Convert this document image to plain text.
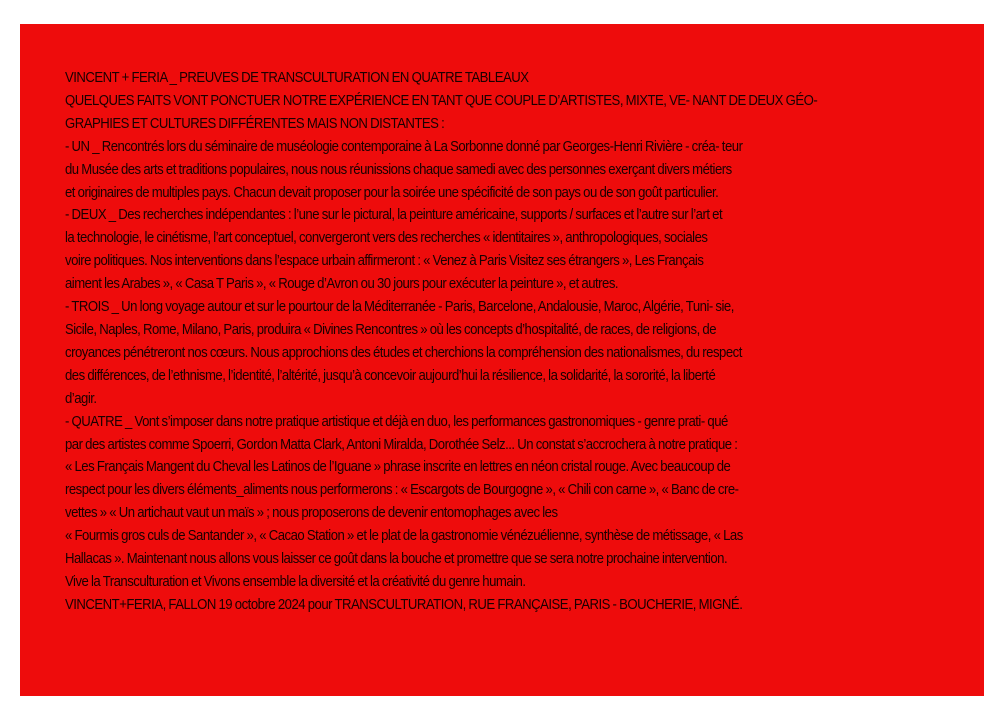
VINCENT + FERIA _ PREUVES DE TRANSCULTURATION EN QUATRE TABLEAUX
QUELQUES FAITS VONT PONCTUER NOTRE EXPÉRIENCE EN TANT QUE COUPLE D’ARTISTES, MIXTE, VE- NANT DE DEUX GÉO-
GRAPHIES ET CULTURES DIFFÉRENTES MAIS NON DISTANTES :
- UN _ Rencontrés lors du séminaire de muséologie contemporaine à La Sorbonne donné par Georges-Henri Rivière - créa- teur
du Musée des arts et traditions populaires, nous nous réunissions chaque samedi avec des personnes exerçant divers métiers
et originaires de multiples pays. Chacun devait proposer pour la soirée une spécificité de son pays ou de son goût particulier.
- DEUX _ Des recherches indépendantes : l’une sur le pictural, la peinture américaine, supports / surfaces et l’autre sur l’art et
la technologie, le cinétisme, l’art conceptuel, convergeront vers des recherches « identitaires », anthropologiques, sociales
voire politiques. Nos interventions dans l’espace urbain affirmeront : « Venez à Paris Visitez ses étrangers », Les Français
aiment les Arabes », « Casa T Paris », « Rouge d’Avron ou 30 jours pour exécuter la peinture », et autres.
- TROIS _ Un long voyage autour et sur le pourtour de la Méditerranée - Paris, Barcelone, Andalousie, Maroc, Algérie, Tuni- sie,
Sicile, Naples, Rome, Milano, Paris, produira « Divines Rencontres » où les concepts d’hospitalité, de races, de religions, de
croyances pénétreront nos cœurs. Nous approchions des études et cherchions la compréhension des nationalismes, du respect
des différences, de l’ethnisme, l’identité, l’altérité, jusqu’à concevoir aujourd’hui la résilience, la solidarité, la sororité, la liberté
d’agir.
- QUATRE _ Vont s’imposer dans notre pratique artistique et déjà en duo, les performances gastronomiques - genre prati- qué
par des artistes comme Spoerri, Gordon Matta Clark, Antoni Miralda, Dorothée Selz... Un constat s’accrochera à notre pratique :
« Les Français Mangent du Cheval les Latinos de l’Iguane » phrase inscrite en lettres en néon cristal rouge. Avec beaucoup de
respect pour les divers éléments_aliments nous performerons : « Escargots de Bourgogne », « Chili con carne », « Banc de cre-
vettes » « Un artichaut vaut un maïs » ; nous proposerons de devenir entomophages avec les
« Fourmis gros culs de Santander », « Cacao Station » et le plat de la gastronomie vénézuélienne, synthèse de métissage, « Las
Hallacas ». Maintenant nous allons vous laisser ce goût dans la bouche et promettre que se sera notre prochaine intervention.
Vive la Transculturation et Vivons ensemble la diversité et la créativité du genre humain.
VINCENT+FERIA, FALLON 19 octobre 2024 pour TRANSCULTURATION, RUE FRANÇAISE, PARIS - BOUCHERIE, MIGNÉ.
